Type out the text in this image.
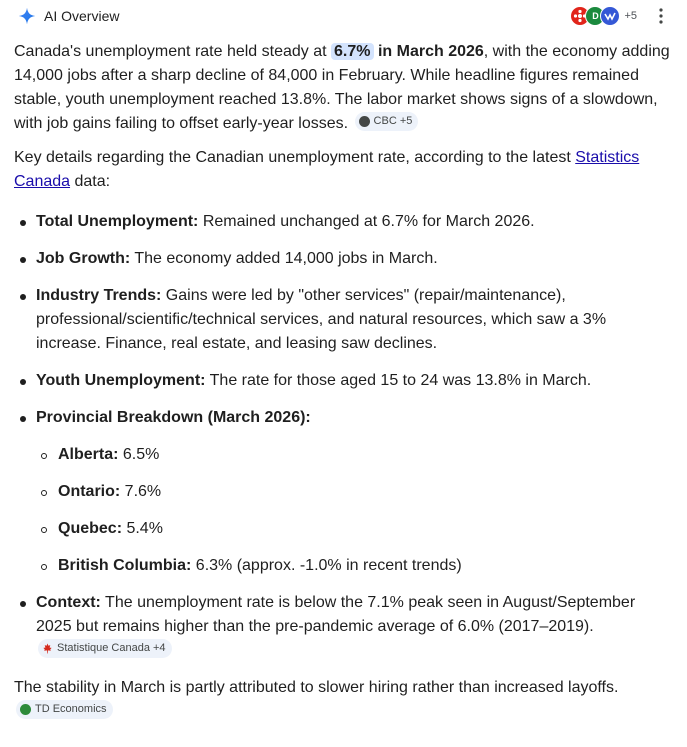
AI Overview	D	+5

Canada's unemployment rate held steady at 6.7% in March 2026, with the economy adding 14,000 jobs after a sharp decline of 84,000 in February. While headline figures remained stable, youth unemployment reached 13.8%. The labor market shows signs of a slowdown, with job gains failing to offset early-year losses. CBC +5

Key details regarding the Canadian unemployment rate, according to the latest Statistics Canada data:

Total Unemployment: Remained unchanged at 6.7% for March 2026.
Job Growth: The economy added 14,000 jobs in March.
Industry Trends: Gains were led by "other services" (repair/maintenance), professional/scientific/technical services, and natural resources, which saw a 3% increase. Finance, real estate, and leasing saw declines.
Youth Unemployment: The rate for those aged 15 to 24 was 13.8% in March.
Provincial Breakdown (March 2026):
Alberta: 6.5%
Ontario: 7.6%
Quebec: 5.4%
British Columbia: 6.3% (approx. -1.0% in recent trends)
Context: The unemployment rate is below the 7.1% peak seen in August/September 2025 but remains higher than the pre-pandemic average of 6.0% (2017–2019).
Statistique Canada +4

The stability in March is partly attributed to slower hiring rather than increased layoffs.
TD Economics
